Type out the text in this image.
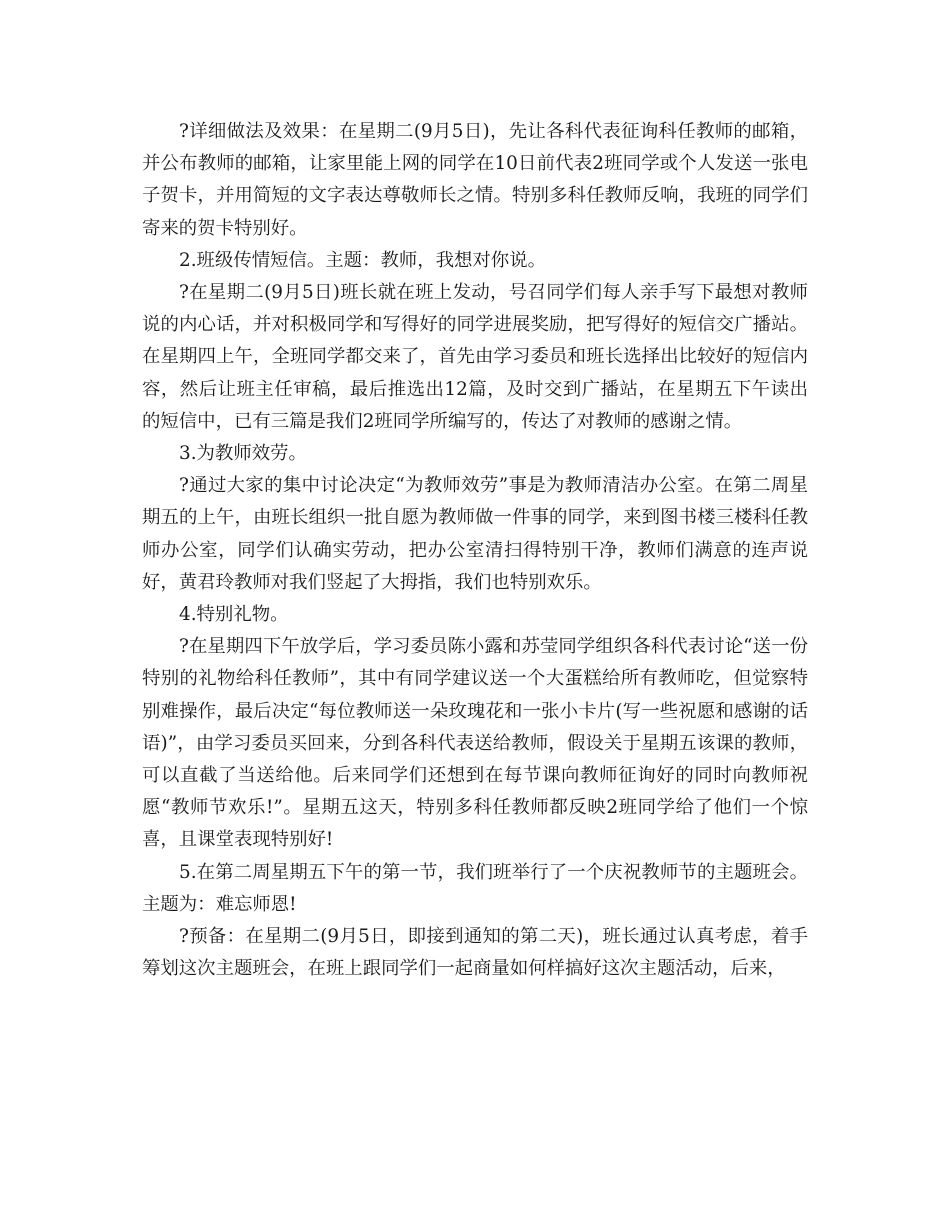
?详细做法及效果：在星期二(9月5日)，先让各科代表征询科任教师的邮箱，并公布教师的邮箱，让家里能上网的同学在10日前代表2班同学或个人发送一张电子贺卡，并用简短的文字表达尊敬师长之情。特别多科任教师反响，我班的同学们寄来的贺卡特别好。

2.班级传情短信。主题：教师，我想对你说。

?在星期二(9月5日)班长就在班上发动，号召同学们每人亲手写下最想对教师说的内心话，并对积极同学和写得好的同学进展奖励，把写得好的短信交广播站。在星期四上午，全班同学都交来了，首先由学习委员和班长选择出比较好的短信内容，然后让班主任审稿，最后推选出12篇，及时交到广播站，在星期五下午读出的短信中，已有三篇是我们2班同学所编写的，传达了对教师的感谢之情。

3.为教师效劳。

?通过大家的集中讨论决定“为教师效劳”事是为教师清洁办公室。在第二周星期五的上午，由班长组织一批自愿为教师做一件事的同学，来到图书楼三楼科任教师办公室，同学们认确实劳动，把办公室清扫得特别干净，教师们满意的连声说好，黄君玲教师对我们竖起了大拇指，我们也特别欢乐。

4.特别礼物。

?在星期四下午放学后，学习委员陈小露和苏莹同学组织各科代表讨论“送一份特别的礼物给科任教师”，其中有同学建议送一个大蛋糕给所有教师吃，但觉察特别难操作，最后决定“每位教师送一朵玫瑰花和一张小卡片(写一些祝愿和感谢的话语)”，由学习委员买回来，分到各科代表送给教师，假设关于星期五该课的教师，可以直截了当送给他。后来同学们还想到在每节课向教师征询好的同时向教师祝愿“教师节欢乐!”。星期五这天，特别多科任教师都反映2班同学给了他们一个惊喜，且课堂表现特别好!

5.在第二周星期五下午的第一节，我们班举行了一个庆祝教师节的主题班会。主题为：难忘师恩!

?预备：在星期二(9月5日，即接到通知的第二天)，班长通过认真考虑，着手筹划这次主题班会，在班上跟同学们一起商量如何样搞好这次主题活动，后来，
